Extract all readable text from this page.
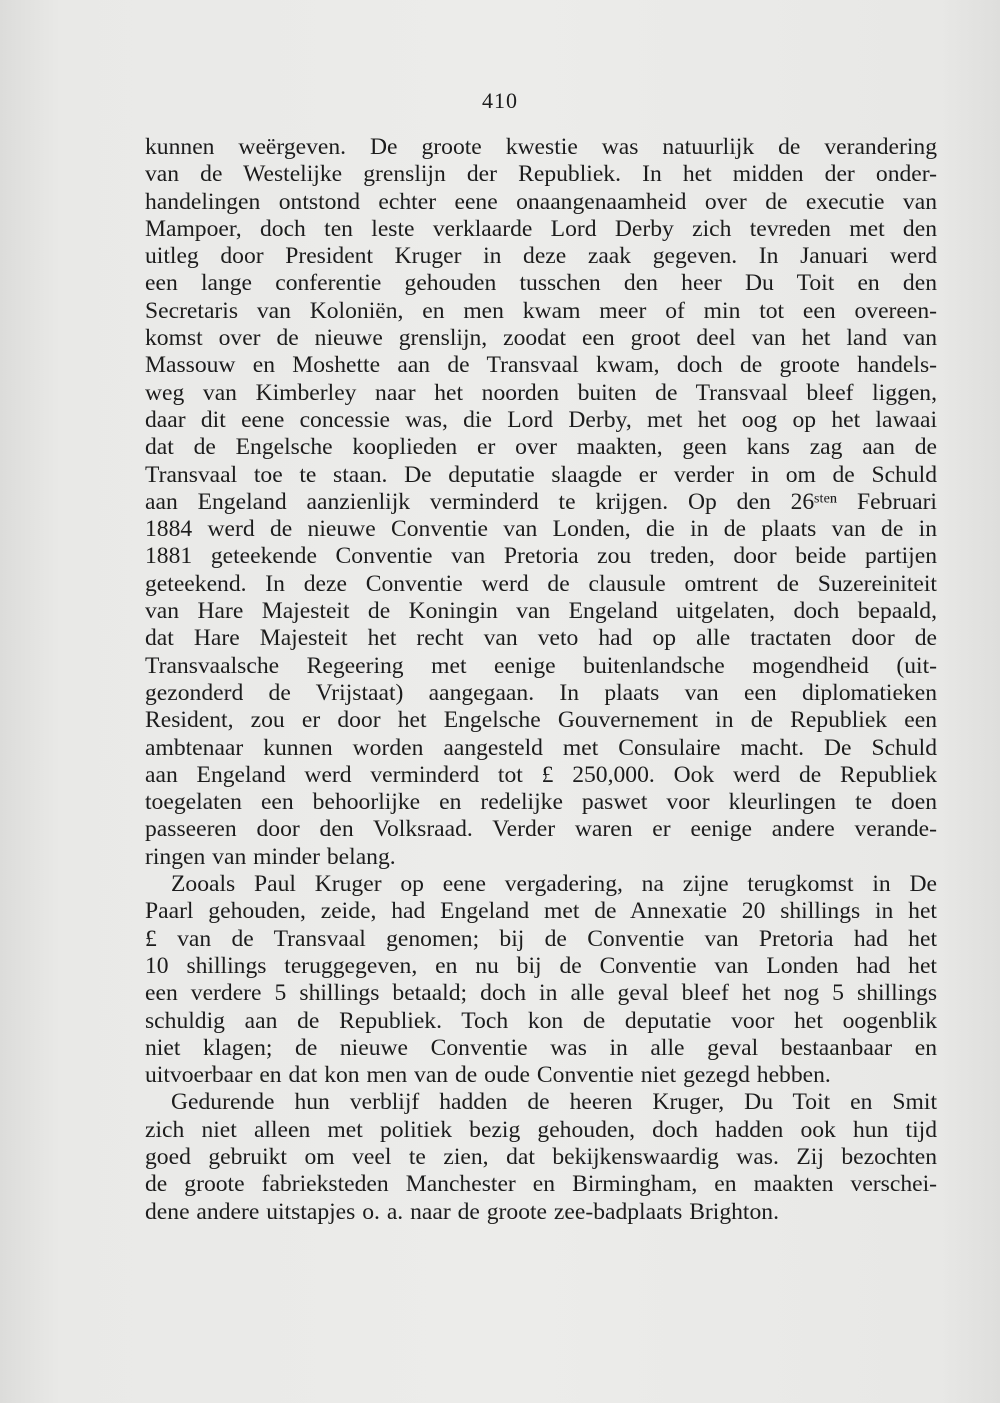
410
kunnen weërgeven. De groote kwestie was natuurlijk de verandering
van de Westelijke grenslijn der Republiek. In het midden der onder-
handelingen ontstond echter eene onaangenaamheid over de executie van
Mampoer, doch ten leste verklaarde Lord Derby zich tevreden met den
uitleg door President Kruger in deze zaak gegeven. In Januari werd
een lange conferentie gehouden tusschen den heer Du Toit en den
Secretaris van Koloniën, en men kwam meer of min tot een overeen-
komst over de nieuwe grenslijn, zoodat een groot deel van het land van
Massouw en Moshette aan de Transvaal kwam, doch de groote handels-
weg van Kimberley naar het noorden buiten de Transvaal bleef liggen,
daar dit eene concessie was, die Lord Derby, met het oog op het lawaai
dat de Engelsche kooplieden er over maakten, geen kans zag aan de
Transvaal toe te staan. De deputatie slaagde er verder in om de Schuld
aan Engeland aanzienlijk verminderd te krijgen. Op den 26ˢᵗᵉⁿ Februari
1884 werd de nieuwe Conventie van Londen, die in de plaats van de in
1881 geteekende Conventie van Pretoria zou treden, door beide partijen
geteekend. In deze Conventie werd de clausule omtrent de Suzereiniteit
van Hare Majesteit de Koningin van Engeland uitgelaten, doch bepaald,
dat Hare Majesteit het recht van veto had op alle tractaten door de
Transvaalsche Regeering met eenige buitenlandsche mogendheid (uit-
gezonderd de Vrijstaat) aangegaan. In plaats van een diplomatieken
Resident, zou er door het Engelsche Gouvernement in de Republiek een
ambtenaar kunnen worden aangesteld met Consulaire macht. De Schuld
aan Engeland werd verminderd tot £ 250,000. Ook werd de Republiek
toegelaten een behoorlijke en redelijke paswet voor kleurlingen te doen
passeeren door den Volksraad. Verder waren er eenige andere verande-
ringen van minder belang.
Zooals Paul Kruger op eene vergadering, na zijne terugkomst in De
Paarl gehouden, zeide, had Engeland met de Annexatie 20 shillings in het
£ van de Transvaal genomen; bij de Conventie van Pretoria had het
10 shillings teruggegeven, en nu bij de Conventie van Londen had het
een verdere 5 shillings betaald; doch in alle geval bleef het nog 5 shillings
schuldig aan de Republiek. Toch kon de deputatie voor het oogenblik
niet klagen; de nieuwe Conventie was in alle geval bestaanbaar en
uitvoerbaar en dat kon men van de oude Conventie niet gezegd hebben.
Gedurende hun verblijf hadden de heeren Kruger, Du Toit en Smit
zich niet alleen met politiek bezig gehouden, doch hadden ook hun tijd
goed gebruikt om veel te zien, dat bekijkenswaardig was. Zij bezochten
de groote fabrieksteden Manchester en Birmingham, en maakten verschei-
dene andere uitstapjes o. a. naar de groote zee-badplaats Brighton.
